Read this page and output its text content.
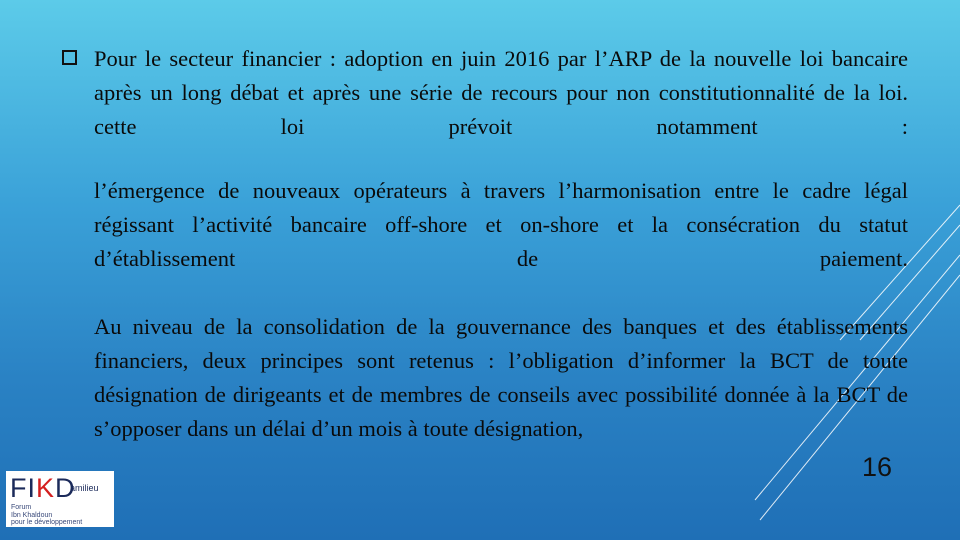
Pour le secteur financier : adoption en juin 2016 par l’ARP de la nouvelle loi bancaire après un long débat et après une série de recours pour non constitutionnalité de la loi. cette loi prévoit notamment :

l’émergence de nouveaux opérateurs à travers l’harmonisation entre le cadre légal régissant l’activité bancaire off-shore et on-shore et la consécration du statut d’établissement de paiement.

Au niveau de la consolidation de la gouvernance des banques et des établissements financiers, deux principes sont retenus : l’obligation d’informer la BCT de toute désignation de dirigeants et de membres de conseils avec possibilité donnée à la BCT de s’opposer dans un délai d’un mois à toute désignation,

16
FIKD
amilieu
Forum
Ibn Khaldoun
pour le développement
